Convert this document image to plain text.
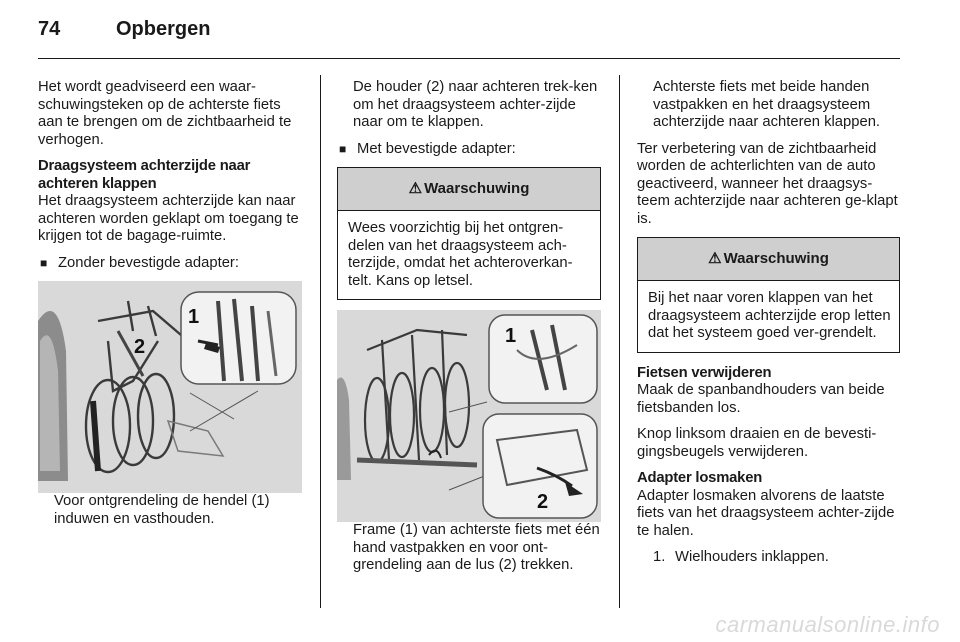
74	Opbergen

Het wordt geadviseerd een waar-schuwingsteken op de achterste fiets aan te brengen om de zichtbaarheid te verhogen.

Draagsysteem achterzijde naar achteren klappen

Het draagsysteem achterzijde kan naar achteren worden geklapt om toegang te krijgen tot de bagage-ruimte.

■ Zonder bevestigde adapter:
2
1

Voor ontgrendeling de hendel (1) induwen en vasthouden.

De houder (2) naar achteren trek-ken om het draagsysteem achter-zijde naar om te klappen.

■ Met bevestigde adapter:
⚠ Waarschuwing
Wees voorzichtig bij het ontgren-delen van het draagsysteem ach-terzijde, omdat het achteroverkan-telt. Kans op letsel.
1
2

Frame (1) van achterste fiets met één hand vastpakken en voor ont-grendeling aan de lus (2) trekken.

Achterste fiets met beide handen vastpakken en het draagsysteem achterzijde naar achteren klappen.

Ter verbetering van de zichtbaarheid worden de achterlichten van de auto geactiveerd, wanneer het draagsys-teem achterzijde naar achteren ge-klapt is.

⚠ Waarschuwing
Bij het naar voren klappen van het draagsysteem achterzijde erop letten dat het systeem goed ver-grendelt.
Fietsen verwijderen

Maak de spanbandhouders van beide fietsbanden los.

Knop linksom draaien en de bevesti-gingsbeugels verwijderen.

Adapter losmaken

Adapter losmaken alvorens de laatste fiets van het draagsysteem achter-zijde te halen.

1. Wielhouders inklappen.

carmanualsonline.info
